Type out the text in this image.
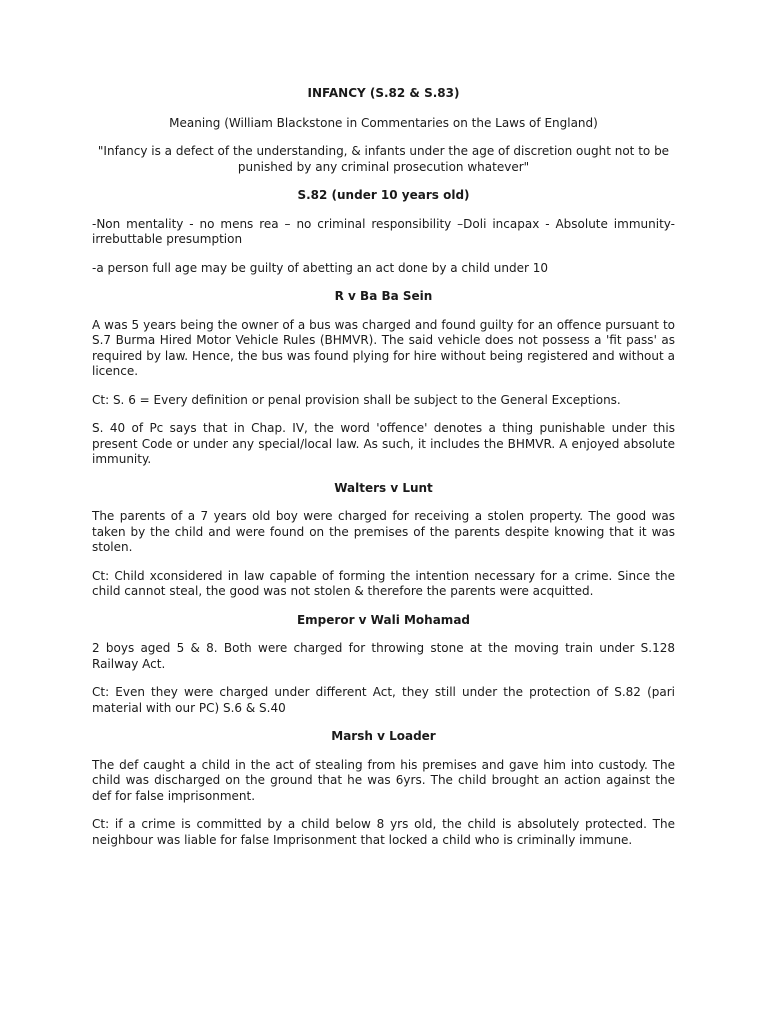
INFANCY (S.82 & S.83)

Meaning (William Blackstone in Commentaries on the Laws of England)

"Infancy is a defect of the understanding, & infants under the age of discretion ought not to be punished by any criminal prosecution whatever"

S.82 (under 10 years old)

-Non mentality - no mens rea – no criminal responsibility –Doli incapax - Absolute immunity-irrebuttable presumption

-a person full age may be guilty of abetting an act done by a child under 10

R v Ba Ba Sein

A was 5 years being the owner of a bus was charged and found guilty for an offence pursuant to S.7 Burma Hired Motor Vehicle Rules (BHMVR). The said vehicle does not possess a 'fit pass' as required by law. Hence, the bus was found plying for hire without being registered and without a licence.

Ct: S. 6 = Every definition or penal provision shall be subject to the General Exceptions.

S. 40 of Pc says that in Chap. IV, the word 'offence' denotes a thing punishable under this present Code or under any special/local law. As such, it includes the BHMVR. A enjoyed absolute immunity.

Walters v Lunt

The parents of a 7 years old boy were charged for receiving a stolen property. The good was taken by the child and were found on the premises of the parents despite knowing that it was stolen.

Ct: Child xconsidered in law capable of forming the intention necessary for a crime. Since the child cannot steal, the good was not stolen & therefore the parents were acquitted.

Emperor v Wali Mohamad

2 boys aged 5 & 8. Both were charged for throwing stone at the moving train under S.128 Railway Act.

Ct: Even they were charged under different Act, they still under the protection of S.82 (pari material with our PC) S.6 & S.40

Marsh v Loader

The def caught a child in the act of stealing from his premises and gave him into custody. The child was discharged on the ground that he was 6yrs. The child brought an action against the def for false imprisonment.

Ct: if a crime is committed by a child below 8 yrs old, the child is absolutely protected. The neighbour was liable for false Imprisonment that locked a child who is criminally immune.
